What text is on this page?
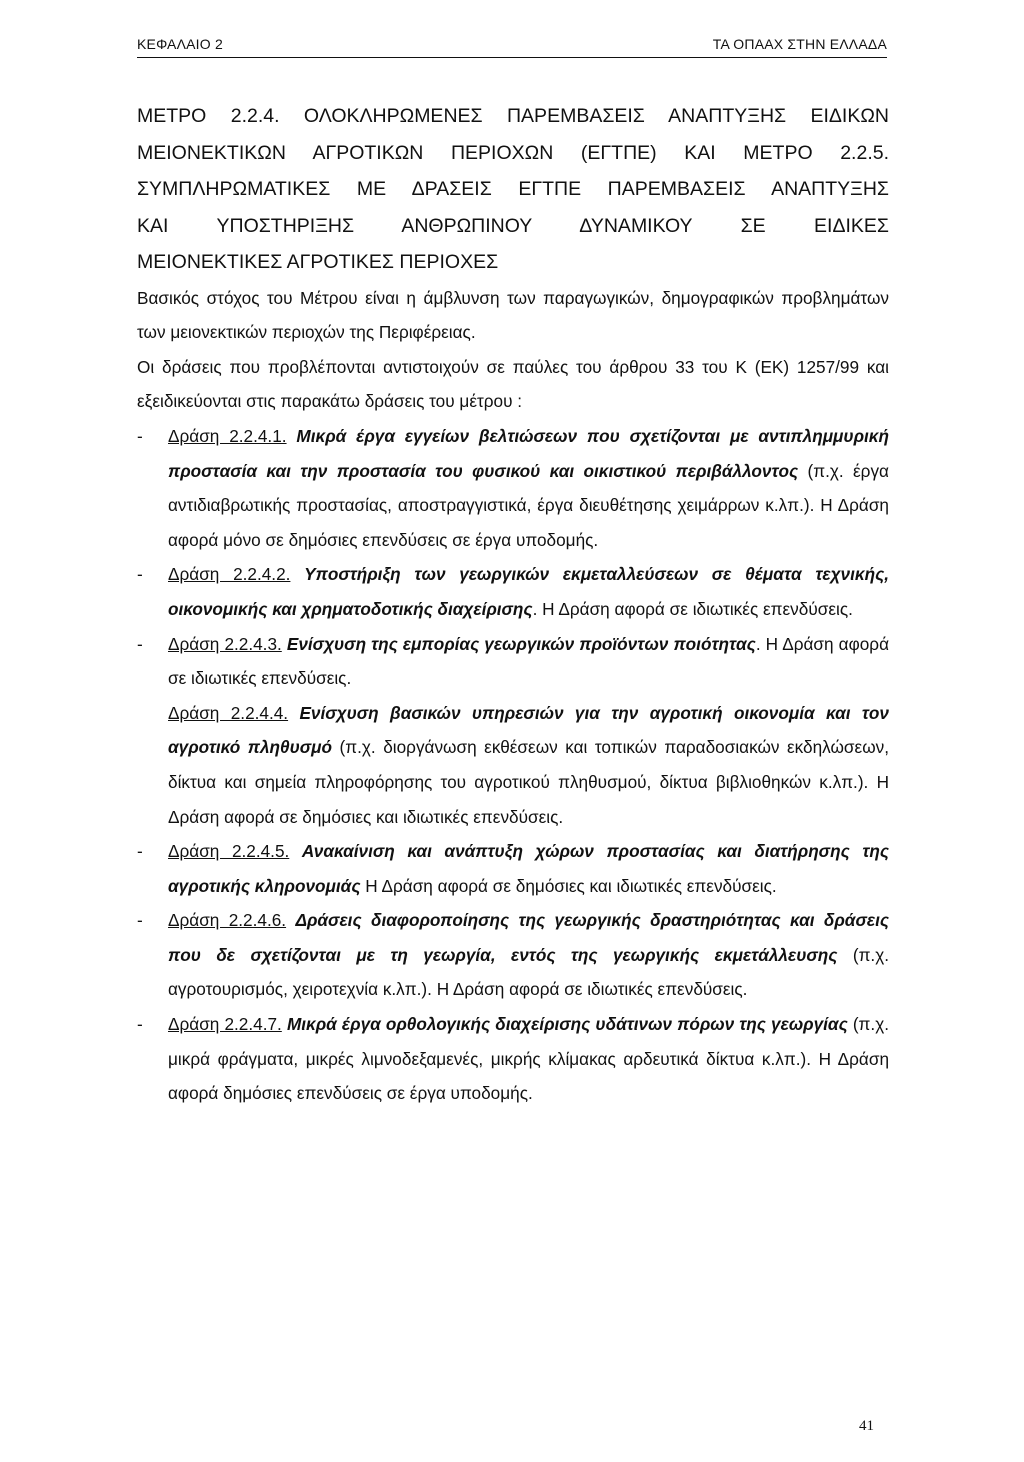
ΚΕΦΑΛΑΙΟ 2	ΤΑ ΟΠΑΑΧ ΣΤΗΝ ΕΛΛΑΔΑ
ΜΕΤΡΟ 2.2.4. ΟΛΟΚΛΗΡΩΜΕΝΕΣ ΠΑΡΕΜΒΑΣΕΙΣ ΑΝΑΠΤΥΞΗΣ ΕΙΔΙΚΩΝ
ΜΕΙΟΝΕΚΤΙΚΩΝ ΑΓΡΟΤΙΚΩΝ ΠΕΡΙΟΧΩΝ (ΕΓΤΠΕ) ΚΑΙ ΜΕΤΡΟ 2.2.5.
ΣΥΜΠΛΗΡΩΜΑΤΙΚΕΣ ΜΕ ΔΡΑΣΕΙΣ ΕΓΤΠΕ ΠΑΡΕΜΒΑΣΕΙΣ ΑΝΑΠΤΥΞΗΣ
ΚΑΙ ΥΠΟΣΤΗΡΙΞΗΣ ΑΝΘΡΩΠΙΝΟΥ ΔΥΝΑΜΙΚΟΥ ΣΕ ΕΙΔΙΚΕΣ
ΜΕΙΟΝΕΚΤΙΚΕΣ ΑΓΡΟΤΙΚΕΣ ΠΕΡΙΟΧΕΣ

Βασικός στόχος του Μέτρου είναι η άμβλυνση των παραγωγικών, δημογραφικών προβλημάτων των μειονεκτικών περιοχών της Περιφέρειας.

Οι δράσεις που προβλέπονται αντιστοιχούν σε παύλες του άρθρου 33 του Κ (ΕΚ) 1257/99 και εξειδικεύονται στις παρακάτω δράσεις του μέτρου :

- Δράση 2.2.4.1. Μικρά έργα εγγείων βελτιώσεων που σχετίζονται με αντιπλημμυρική προστασία και την προστασία του φυσικού και οικιστικού περιβάλλοντος (π.χ. έργα αντιδιαβρωτικής προστασίας, αποστραγγιστικά, έργα διευθέτησης χειμάρρων κ.λπ.). Η Δράση αφορά μόνο σε δημόσιες επενδύσεις σε έργα υποδομής.
- Δράση 2.2.4.2. Υποστήριξη των γεωργικών εκμεταλλεύσεων σε θέματα τεχνικής, οικονομικής και χρηματοδοτικής διαχείρισης. Η Δράση αφορά σε ιδιωτικές επενδύσεις.
- Δράση 2.2.4.3. Ενίσχυση της εμπορίας γεωργικών προϊόντων ποιότητας. Η Δράση αφορά σε ιδιωτικές επενδύσεις.
Δράση 2.2.4.4. Ενίσχυση βασικών υπηρεσιών για την αγροτική οικονομία και τον αγροτικό πληθυσμό (π.χ. διοργάνωση εκθέσεων και τοπικών παραδοσιακών εκδηλώσεων, δίκτυα και σημεία πληροφόρησης του αγροτικού πληθυσμού, δίκτυα βιβλιοθηκών κ.λπ.). Η Δράση αφορά σε δημόσιες και ιδιωτικές επενδύσεις.
- Δράση 2.2.4.5. Ανακαίνιση και ανάπτυξη χώρων προστασίας και διατήρησης της αγροτικής κληρονομιάς Η Δράση αφορά σε δημόσιες και ιδιωτικές επενδύσεις.
- Δράση 2.2.4.6. Δράσεις διαφοροποίησης της γεωργικής δραστηριότητας και δράσεις που δε σχετίζονται με τη γεωργία, εντός της γεωργικής εκμετάλλευσης (π.χ. αγροτουρισμός, χειροτεχνία κ.λπ.). Η Δράση αφορά σε ιδιωτικές επενδύσεις.
- Δράση 2.2.4.7. Μικρά έργα ορθολογικής διαχείρισης υδάτινων πόρων της γεωργίας (π.χ. μικρά φράγματα, μικρές λιμνοδεξαμενές, μικρής κλίμακας αρδευτικά δίκτυα κ.λπ.). Η Δράση αφορά δημόσιες επενδύσεις σε έργα υποδομής.
41
